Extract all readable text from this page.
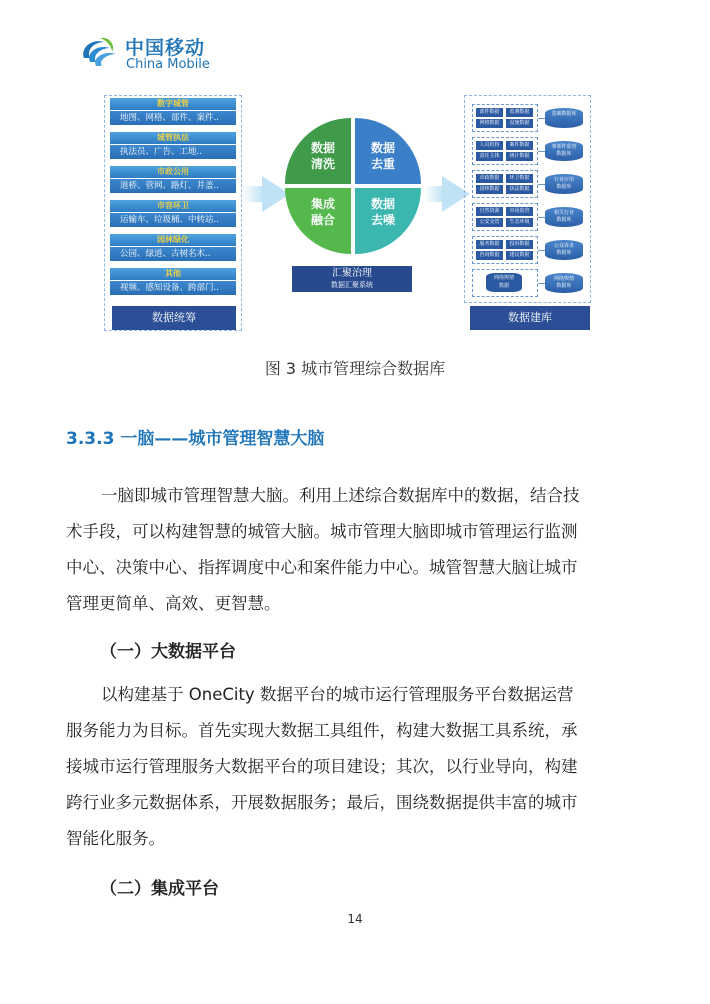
中国移动
China Mobile
数字城管
地图、网格、部件、案件..
城管执法
执法员、广告、工地..
市政公用
道桥、管网、路灯、井盖..
市容环卫
运输车、垃圾桶、中转站..
园林绿化
公园、绿道、古树名木..
其他
视频、感知设备、跨部门..
数据统筹
数据
清洗
数据
去重
集成
融合
数据
去噪
汇聚治理
数据汇聚系统
部件数据	监测数据
网格数据	设施数据
基础数据库
人员机构	案件数据
责任主体	统计数据
事部件监管
数据库
市政数据	环卫数据
园林数据	执法数据
行业应用
数据库
自然资源	市场监管
公安交管	生态环境
相关行业
数据库
服务数据	投诉数据
咨询数据	建议数据
公众诉求
数据库
网络舆情
数据
网络舆情
数据库
数据建库
图 3 城市管理综合数据库
3.3.3 一脑——城市管理智慧大脑
一脑即城市管理智慧大脑。利用上述综合数据库中的数据，结合技
术手段，可以构建智慧的城管大脑。城市管理大脑即城市管理运行监测
中心、决策中心、指挥调度中心和案件能力中心。城管智慧大脑让城市
管理更简单、高效、更智慧。
（一）大数据平台
以构建基于 OneCity 数据平台的城市运行管理服务平台数据运营
服务能力为目标。首先实现大数据工具组件，构建大数据工具系统，承
接城市运行管理服务大数据平台的项目建设；其次，以行业导向，构建
跨行业多元数据体系，开展数据服务；最后，围绕数据提供丰富的城市
智能化服务。
（二）集成平台
14
